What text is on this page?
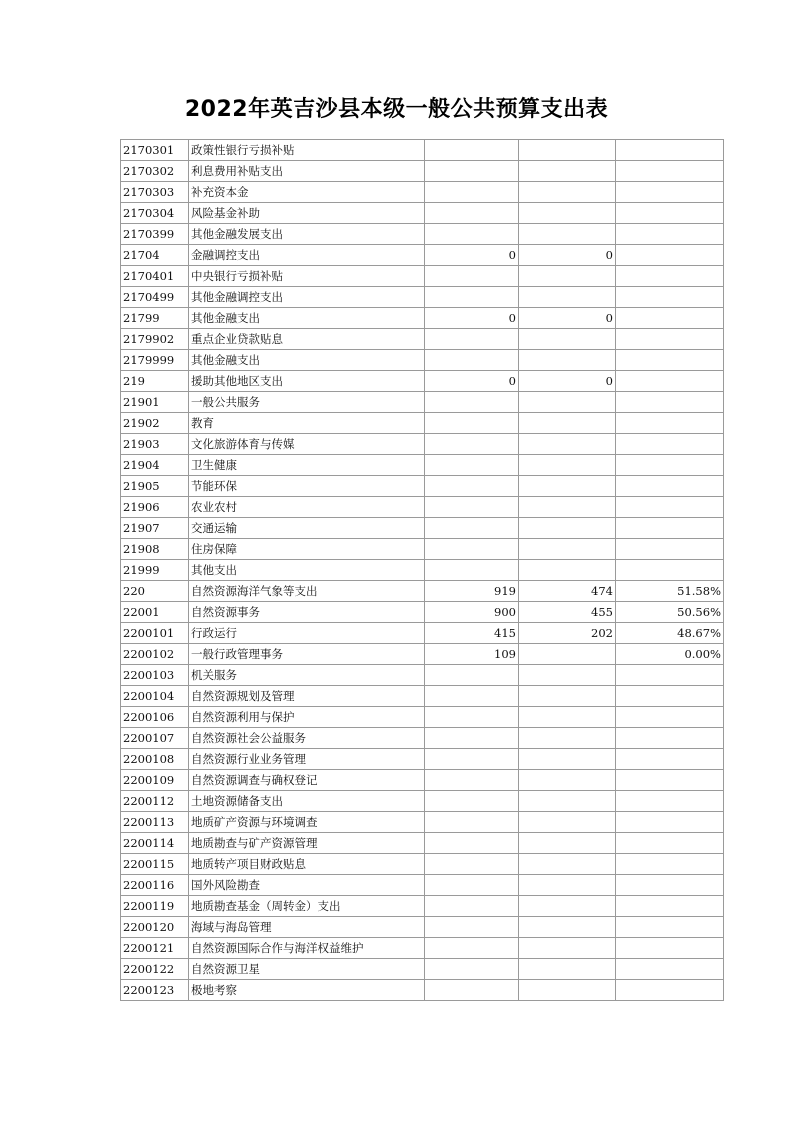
2022年英吉沙县本级一般公共预算支出表
2170301	政策性银行亏损补贴			
2170302	利息费用补贴支出			
2170303	补充资本金			
2170304	风险基金补助			
2170399	其他金融发展支出			
21704	金融调控支出	0	0	
2170401	中央银行亏损补贴			
2170499	其他金融调控支出			
21799	其他金融支出	0	0	
2179902	重点企业贷款贴息			
2179999	其他金融支出			
219	援助其他地区支出	0	0	
21901	一般公共服务			
21902	教育			
21903	文化旅游体育与传媒			
21904	卫生健康			
21905	节能环保			
21906	农业农村			
21907	交通运输			
21908	住房保障			
21999	其他支出			
220	自然资源海洋气象等支出	919	474	51.58%
22001	自然资源事务	900	455	50.56%
2200101	行政运行	415	202	48.67%
2200102	一般行政管理事务	109		0.00%
2200103	机关服务			
2200104	自然资源规划及管理			
2200106	自然资源利用与保护			
2200107	自然资源社会公益服务			
2200108	自然资源行业业务管理			
2200109	自然资源调查与确权登记			
2200112	土地资源储备支出			
2200113	地质矿产资源与环境调查			
2200114	地质勘查与矿产资源管理			
2200115	地质转产项目财政贴息			
2200116	国外风险勘查			
2200119	地质勘查基金（周转金）支出			
2200120	海域与海岛管理			
2200121	自然资源国际合作与海洋权益维护			
2200122	自然资源卫星			
2200123	极地考察			
